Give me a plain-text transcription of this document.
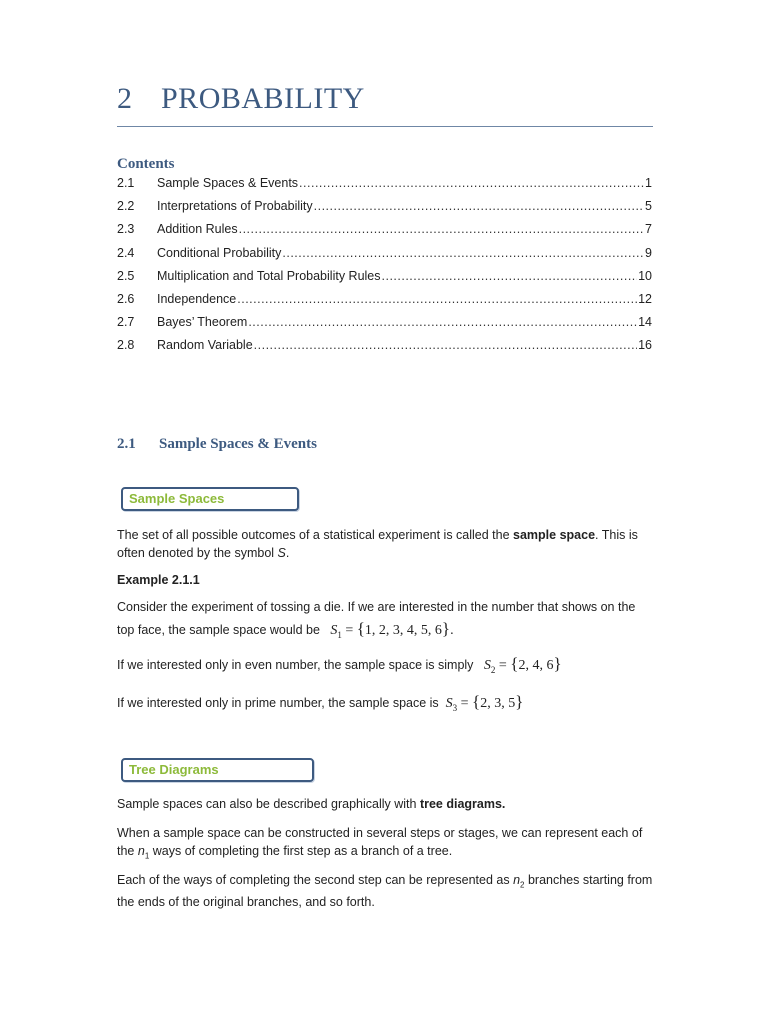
2 PROBABILITY
Contents
2.1	Sample Spaces & Events .....	1
2.2	Interpretations of Probability .....	5
2.3	Addition Rules .....	7
2.4	Conditional Probability .....	9
2.5	Multiplication and Total Probability Rules .....	10
2.6	Independence .....	12
2.7	Bayes’ Theorem .....	14
2.8	Random Variable .....	16
2.1 Sample Spaces & Events
Sample Spaces

The set of all possible outcomes of a statistical experiment is called the sample space. This is often denoted by the symbol S.

Example 2.1.1

Consider the experiment of tossing a die. If we are interested in the number that shows on the top face, the sample space would be $S_1 = \{1$, 2, 3, 4, 5, 6}.

If we interested only in even number, the sample space is simply $S_2 = \{2$, 4, 6}

If we interested only in prime number, the sample space is $S_3 = \{2$, 3, 5}

Tree Diagrams

Sample spaces can also be described graphically with tree diagrams.

When a sample space can be constructed in several steps or stages, we can represent each of the $n_1$ ways of completing the first step as a branch of a tree.

Each of the ways of completing the second step can be represented as $n_2$ branches starting from the ends of the original branches, and so forth.
